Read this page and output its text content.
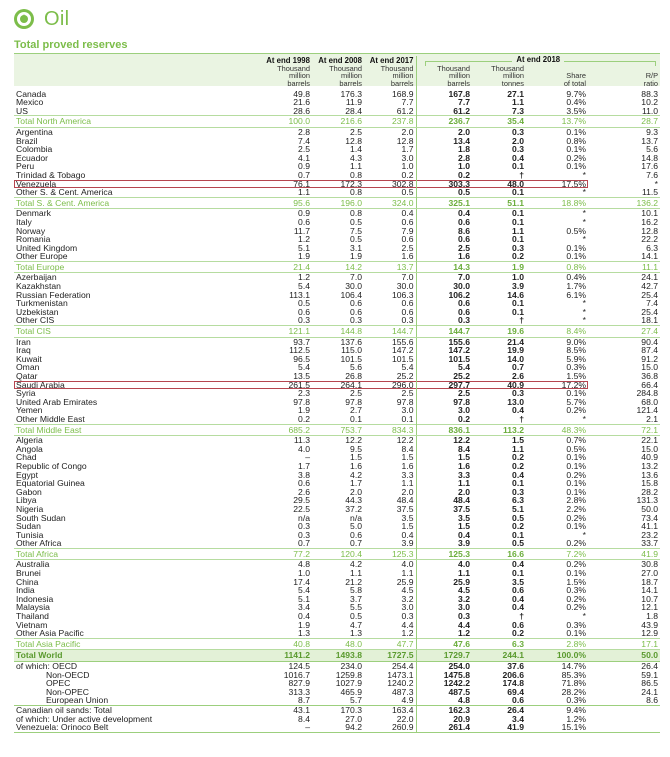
Oil
Total proved reserves

	At end 1998
Thousand
million
barrels	At end 2008
Thousand
million
barrels	At end 2017
Thousand
million
barrels	At end 2018			
				Thousand
million
barrels	Thousand
million
tonnes	Share
of total	R/P
ratio

Canada	49.8	176.3	168.9	167.8	27.1	9.7%	88.3
Mexico	21.6	11.9	7.7	7.7	1.1	0.4%	10.2
US	28.6	28.4	61.2	61.2	7.3	3.5%	11.0
Total North America	100.0	216.6	237.8	236.7	35.4	13.7%	28.7
Argentina	2.8	2.5	2.0	2.0	0.3	0.1%	9.3
Brazil	7.4	12.8	12.8	13.4	2.0	0.8%	13.7
Colombia	2.5	1.4	1.7	1.8	0.3	0.1%	5.6
Ecuador	4.1	4.3	3.0	2.8	0.4	0.2%	14.8
Peru	0.9	1.1	1.0	1.0	0.1	0.1%	17.6
Trinidad & Tobago	0.7	0.8	0.2	0.2	†	*	7.6
Venezuela	76.1	172.3	302.8	303.3	48.0	17.5%	*
Other S. & Cent. America	1.1	0.8	0.5	0.5	0.1	*	11.5
Total S. & Cent. America	95.6	196.0	324.0	325.1	51.1	18.8%	136.2
Denmark	0.9	0.8	0.4	0.4	0.1	*	10.1
Italy	0.6	0.5	0.6	0.6	0.1	*	16.2
Norway	11.7	7.5	7.9	8.6	1.1	0.5%	12.8
Romania	1.2	0.5	0.6	0.6	0.1	*	22.2
United Kingdom	5.1	3.1	2.5	2.5	0.3	0.1%	6.3
Other Europe	1.9	1.9	1.6	1.6	0.2	0.1%	14.1
Total Europe	21.4	14.2	13.7	14.3	1.9	0.8%	11.1
Azerbaijan	1.2	7.0	7.0	7.0	1.0	0.4%	24.1
Kazakhstan	5.4	30.0	30.0	30.0	3.9	1.7%	42.7
Russian Federation	113.1	106.4	106.3	106.2	14.6	6.1%	25.4
Turkmenistan	0.5	0.6	0.6	0.6	0.1	*	7.4
Uzbekistan	0.6	0.6	0.6	0.6	0.1	*	25.4
Other CIS	0.3	0.3	0.3	0.3	†	*	18.1
Total CIS	121.1	144.8	144.7	144.7	19.6	8.4%	27.4
Iran	93.7	137.6	155.6	155.6	21.4	9.0%	90.4
Iraq	112.5	115.0	147.2	147.2	19.9	8.5%	87.4
Kuwait	96.5	101.5	101.5	101.5	14.0	5.9%	91.2
Oman	5.4	5.6	5.4	5.4	0.7	0.3%	15.0
Qatar	13.5	26.8	25.2	25.2	2.6	1.5%	36.8
Saudi Arabia	261.5	264.1	296.0	297.7	40.9	17.2%	66.4
Syria	2.3	2.5	2.5	2.5	0.3	0.1%	284.8
United Arab Emirates	97.8	97.8	97.8	97.8	13.0	5.7%	68.0
Yemen	1.9	2.7	3.0	3.0	0.4	0.2%	121.4
Other Middle East	0.2	0.1	0.1	0.2	†	*	2.1
Total Middle East	685.2	753.7	834.3	836.1	113.2	48.3%	72.1
Algeria	11.3	12.2	12.2	12.2	1.5	0.7%	22.1
Angola	4.0	9.5	8.4	8.4	1.1	0.5%	15.0
Chad	–	1.5	1.5	1.5	0.2	0.1%	40.9
Republic of Congo	1.7	1.6	1.6	1.6	0.2	0.1%	13.2
Egypt	3.8	4.2	3.3	3.3	0.4	0.2%	13.6
Equatorial Guinea	0.6	1.7	1.1	1.1	0.1	0.1%	15.8
Gabon	2.6	2.0	2.0	2.0	0.3	0.1%	28.2
Libya	29.5	44.3	48.4	48.4	6.3	2.8%	131.3
Nigeria	22.5	37.2	37.5	37.5	5.1	2.2%	50.0
South Sudan	n/a	n/a	3.5	3.5	0.5	0.2%	73.4
Sudan	0.3	5.0	1.5	1.5	0.2	0.1%	41.1
Tunisia	0.3	0.6	0.4	0.4	0.1	*	23.2
Other Africa	0.7	0.7	3.9	3.9	0.5	0.2%	33.7
Total Africa	77.2	120.4	125.3	125.3	16.6	7.2%	41.9
Australia	4.8	4.2	4.0	4.0	0.4	0.2%	30.8
Brunei	1.0	1.1	1.1	1.1	0.1	0.1%	27.0
China	17.4	21.2	25.9	25.9	3.5	1.5%	18.7
India	5.4	5.8	4.5	4.5	0.6	0.3%	14.1
Indonesia	5.1	3.7	3.2	3.2	0.4	0.2%	10.7
Malaysia	3.4	5.5	3.0	3.0	0.4	0.2%	12.1
Thailand	0.4	0.5	0.3	0.3	†	*	1.8
Vietnam	1.9	4.7	4.4	4.4	0.6	0.3%	43.9
Other Asia Pacific	1.3	1.3	1.2	1.2	0.2	0.1%	12.9
Total Asia Pacific	40.8	48.0	47.7	47.6	6.3	2.8%	17.1
Total World	1141.2	1493.8	1727.5	1729.7	244.1	100.0%	50.0
of which: OECD	124.5	234.0	254.4	254.0	37.6	14.7%	26.4
Non-OECD	1016.7	1259.8	1473.1	1475.8	206.6	85.3%	59.1
OPEC	827.9	1027.9	1240.2	1242.2	174.8	71.8%	86.5
Non-OPEC	313.3	465.9	487.3	487.5	69.4	28.2%	24.1
European Union	8.7	5.7	4.9	4.8	0.6	0.3%	8.6
Canadian oil sands: Total	43.1	170.3	163.4	162.3	26.4	9.4%	
of which: Under active development	8.4	27.0	22.0	20.9	3.4	1.2%	
Venezuela: Orinoco Belt	–	94.2	260.9	261.4	41.9	15.1%	
